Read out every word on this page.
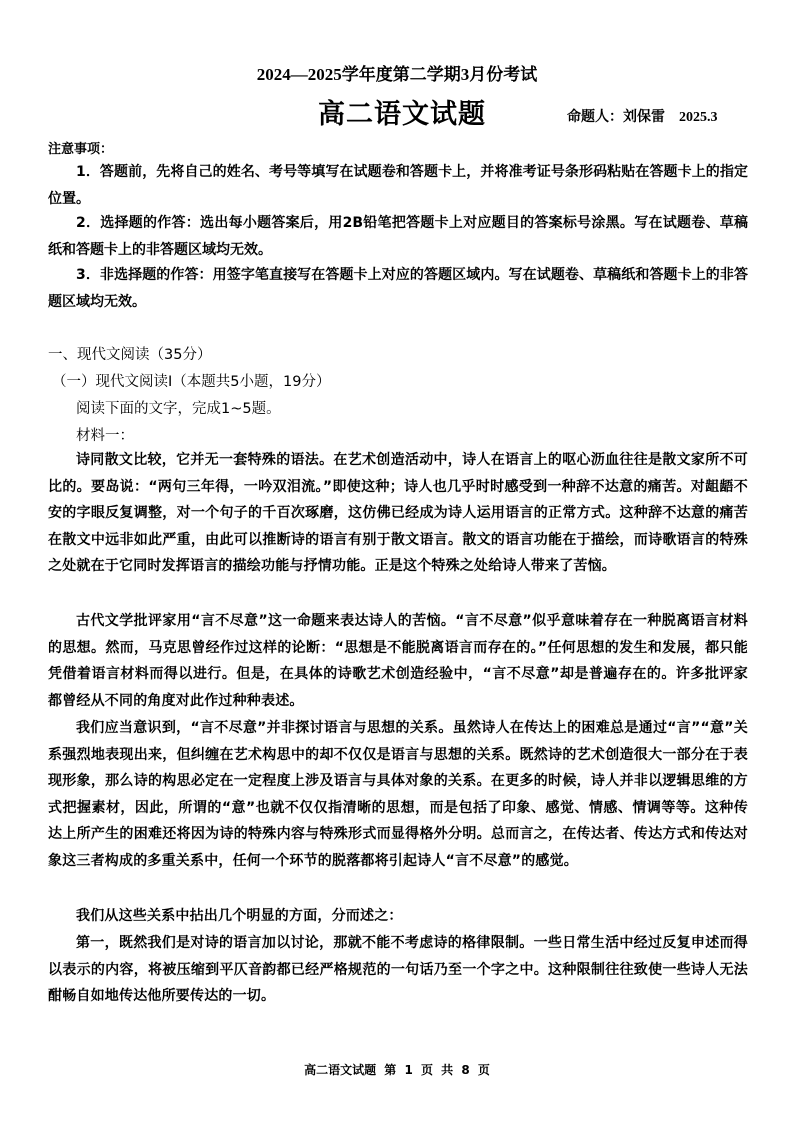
2024—2025学年度第二学期3月份考试
高二语文试题	命题人：刘保雷 2025.3
注意事项：
1．答题前，先将自己的姓名、考号等填写在试题卷和答题卡上，并将准考证号条形码粘贴在答题卡上的指定位置。
2．选择题的作答：选出每小题答案后，用2B铅笔把答题卡上对应题目的答案标号涂黑。写在试题卷、草稿纸和答题卡上的非答题区域均无效。
3．非选择题的作答：用签字笔直接写在答题卡上对应的答题区域内。写在试题卷、草稿纸和答题卡上的非答题区域均无效。
一、现代文阅读（35分）
（一）现代文阅读Ⅰ（本题共5小题，19分）
阅读下面的文字，完成1~5题。
材料一：
诗同散文比较，它并无一套特殊的语法。在艺术创造活动中，诗人在语言上的呕心沥血往往是散文家所不可比的。要岛说：“两句三年得，一吟双泪流。”即使这种；诗人也几乎时时感受到一种辞不达意的痛苦。对龃龉不安的字眼反复调整，对一个句子的千百次琢磨，这仿佛已经成为诗人运用语言的正常方式。这种辞不达意的痛苦在散文中远非如此严重，由此可以推断诗的语言有别于散文语言。散文的语言功能在于描绘，而诗歌语言的特殊之处就在于它同时发挥语言的描绘功能与抒情功能。正是这个特殊之处给诗人带来了苦恼。
古代文学批评家用“言不尽意”这一命题来表达诗人的苦恼。“言不尽意”似乎意味着存在一种脱离语言材料的思想。然而，马克思曾经作过这样的论断：“思想是不能脱离语言而存在的。”任何思想的发生和发展，都只能凭借着语言材料而得以进行。但是，在具体的诗歌艺术创造经验中，“言不尽意”却是普遍存在的。许多批评家都曾经从不同的角度对此作过种种表述。
我们应当意识到，“言不尽意”并非探讨语言与思想的关系。虽然诗人在传达上的困难总是通过“言”“意”关系强烈地表现出来，但纠缠在艺术构思中的却不仅仅是语言与思想的关系。既然诗的艺术创造很大一部分在于表现形象，那么诗的构思必定在一定程度上涉及语言与具体对象的关系。在更多的时候，诗人并非以逻辑思维的方式把握素材，因此，所谓的“意”也就不仅仅指清晰的思想，而是包括了印象、感觉、情感、情调等等。这种传达上所产生的困难还将因为诗的特殊内容与特殊形式而显得格外分明。总而言之，在传达者、传达方式和传达对象这三者构成的多重关系中，任何一个环节的脱落都将引起诗人“言不尽意”的感觉。
我们从这些关系中拈出几个明显的方面，分而述之：
第一，既然我们是对诗的语言加以讨论，那就不能不考虑诗的格律限制。一些日常生活中经过反复申述而得以表示的内容，将被压缩到平仄音韵都已经严格规范的一句话乃至一个字之中。这种限制往往致使一些诗人无法酣畅自如地传达他所要传达的一切。
高二语文试题 第 1 页 共 8 页
